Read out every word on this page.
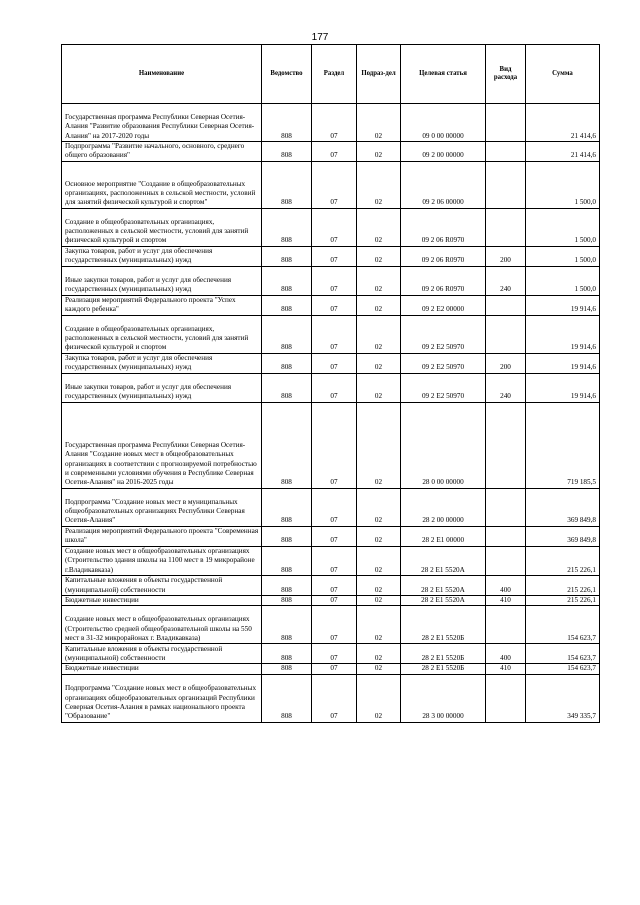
177
Наименование	Ведомство	Раздел	Подраз-дел	Целевая статья	Вид расхода	Сумма
Государственная программа Республики Северная Осетия-Алания "Развитие образования Республики Северная Осетия-Алания" на 2017-2020 годы	808	07	02	09 0 00 00000		21 414,6
Подпрограмма "Развитие начального, основного, среднего общего образования"	808	07	02	09 2 00 00000		21 414,6
Основное мероприятие "Создание в общеобразовательных организациях, расположенных в сельской местности, условий для занятий физической культурой и спортом"	808	07	02	09 2 06 00000		1 500,0
Создание в общеобразовательных организациях, расположенных в сельской местности, условий для занятий физической культурой и спортом	808	07	02	09 2 06 R0970		1 500,0
Закупка товаров, работ и услуг для обеспечения государственных (муниципальных) нужд	808	07	02	09 2 06 R0970	200	1 500,0
Иные закупки товаров, работ и услуг для обеспечения государственных (муниципальных) нужд	808	07	02	09 2 06 R0970	240	1 500,0
Реализация мероприятий Федерального проекта "Успех каждого ребенка"	808	07	02	09 2 E2 00000		19 914,6
Создание в общеобразовательных организациях, расположенных в сельской местности, условий для занятий физической культурой и спортом	808	07	02	09 2 E2 50970		19 914,6
Закупка товаров, работ и услуг для обеспечения государственных (муниципальных) нужд	808	07	02	09 2 E2 50970	200	19 914,6
Иные закупки товаров, работ и услуг для обеспечения государственных (муниципальных) нужд	808	07	02	09 2 E2 50970	240	19 914,6
Государственная программа Республики Северная Осетия-Алания "Создание новых мест в общеобразовательных организациях в соответствии с прогнозируемой потребностью и современными условиями обучения в Республике Северная Осетия-Алания" на 2016-2025 годы	808	07	02	28 0 00 00000		719 185,5
Подпрограмма "Создание новых мест в муниципальных общеобразовательных организациях Республики Северная Осетия-Алания"	808	07	02	28 2 00 00000		369 849,8
Реализация мероприятий Федерального проекта "Современная школа"	808	07	02	28 2 E1 00000		369 849,8
Создание новых мест в общеобразовательных организациях (Строительство здания школы на 1100 мест в 19 микрорайоне г.Владикавказа)	808	07	02	28 2 E1 5520A		215 226,1
Капитальные вложения в объекты государственной (муниципальной) собственности	808	07	02	28 2 E1 5520A	400	215 226,1
Бюджетные инвестиции	808	07	02	28 2 E1 5520A	410	215 226,1
Создание новых мест в общеобразовательных организациях (Строительство средней общеобразовательной школы на 550 мест в 31-32 микрорайонах г. Владикавказа)	808	07	02	28 2 E1 5520Б		154 623,7
Капитальные вложения в объекты государственной (муниципальной) собственности	808	07	02	28 2 E1 5520Б	400	154 623,7
Бюджетные инвестиции	808	07	02	28 2 E1 5520Б	410	154 623,7
Подпрограмма "Создание новых мест в общеобразовательных организациях общеобразовательных организаций Республики Северная Осетия-Алания в рамках национального проекта "Образование"	808	07	02	28 3 00 00000		349 335,7
